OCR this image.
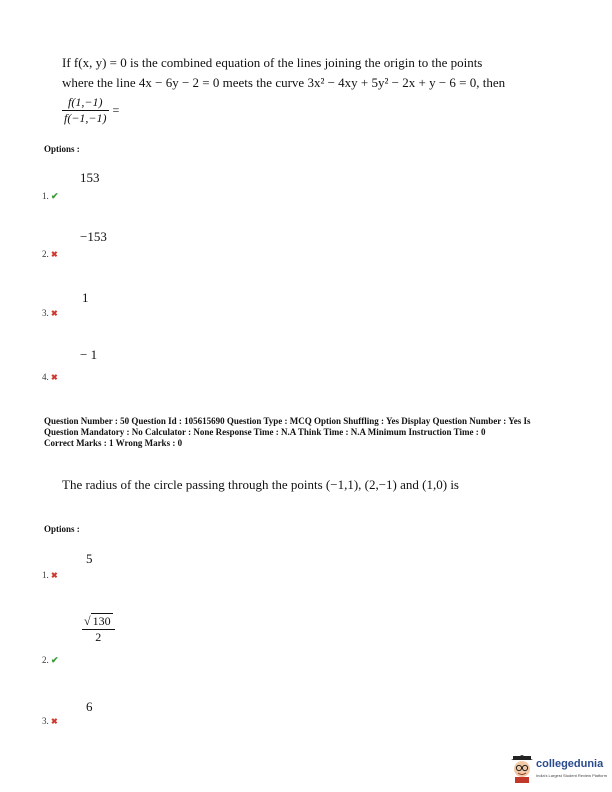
If f(x, y) = 0 is the combined equation of the lines joining the origin to the points
where the line 4x − 6y − 2 = 0 meets the curve 3x² − 4xy + 5y² − 2x + y − 6 = 0, then
$\frac{f(1,-1)}{f(-1,-1)}$ =
Options :
153
1. ✔
−153
2. ✖
1
3. ✖
− 1
4. ✖
Question Number : 50 Question Id : 105615690 Question Type : MCQ Option Shuffling : Yes Display Question Number : Yes Is
Question Mandatory : No Calculator : None Response Time : N.A Think Time : N.A Minimum Instruction Time : 0
Correct Marks : 1 Wrong Marks : 0
The radius of the circle passing through the points (−1,1), (2,−1) and (1,0) is
Options :
5
1. ✖
$\frac{√ 130}{2}$
2. ✔
6
3. ✖
collegedunia
India's Largest Student Review Platform
